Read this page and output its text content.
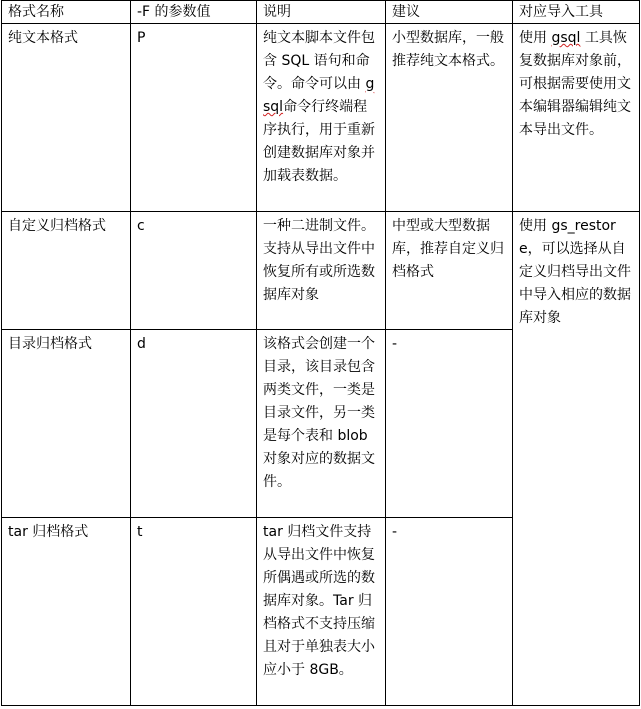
格式名称	-F 的参数值	说明	建议	对应导入工具
纯文本格式	P	纯文本脚本文件包含 SQL 语句和命令。命令可以由 gsql命令行终端程序执行，用于重新创建数据库对象并加载表数据。	小型数据库，一般推荐纯文本格式。	使用 gsql 工具恢复数据库对象前，可根据需要使用文本编辑器编辑纯文本导出文件。
自定义归档格式	c	一种二进制文件。支持从导出文件中恢复所有或所选数据库对象	中型或大型数据库，推荐自定义归档格式	使用 gs_restore，可以选择从自定义归档导出文件中导入相应的数据库对象
目录归档格式	d	该格式会创建一个目录，该目录包含两类文件，一类是目录文件，另一类是每个表和 blob 对象对应的数据文件。	-	
tar 归档格式	t	tar 归档文件支持从导出文件中恢复所偶遇或所选的数据库对象。Tar 归档格式不支持压缩且对于单独表大小应小于 8GB。	-	
